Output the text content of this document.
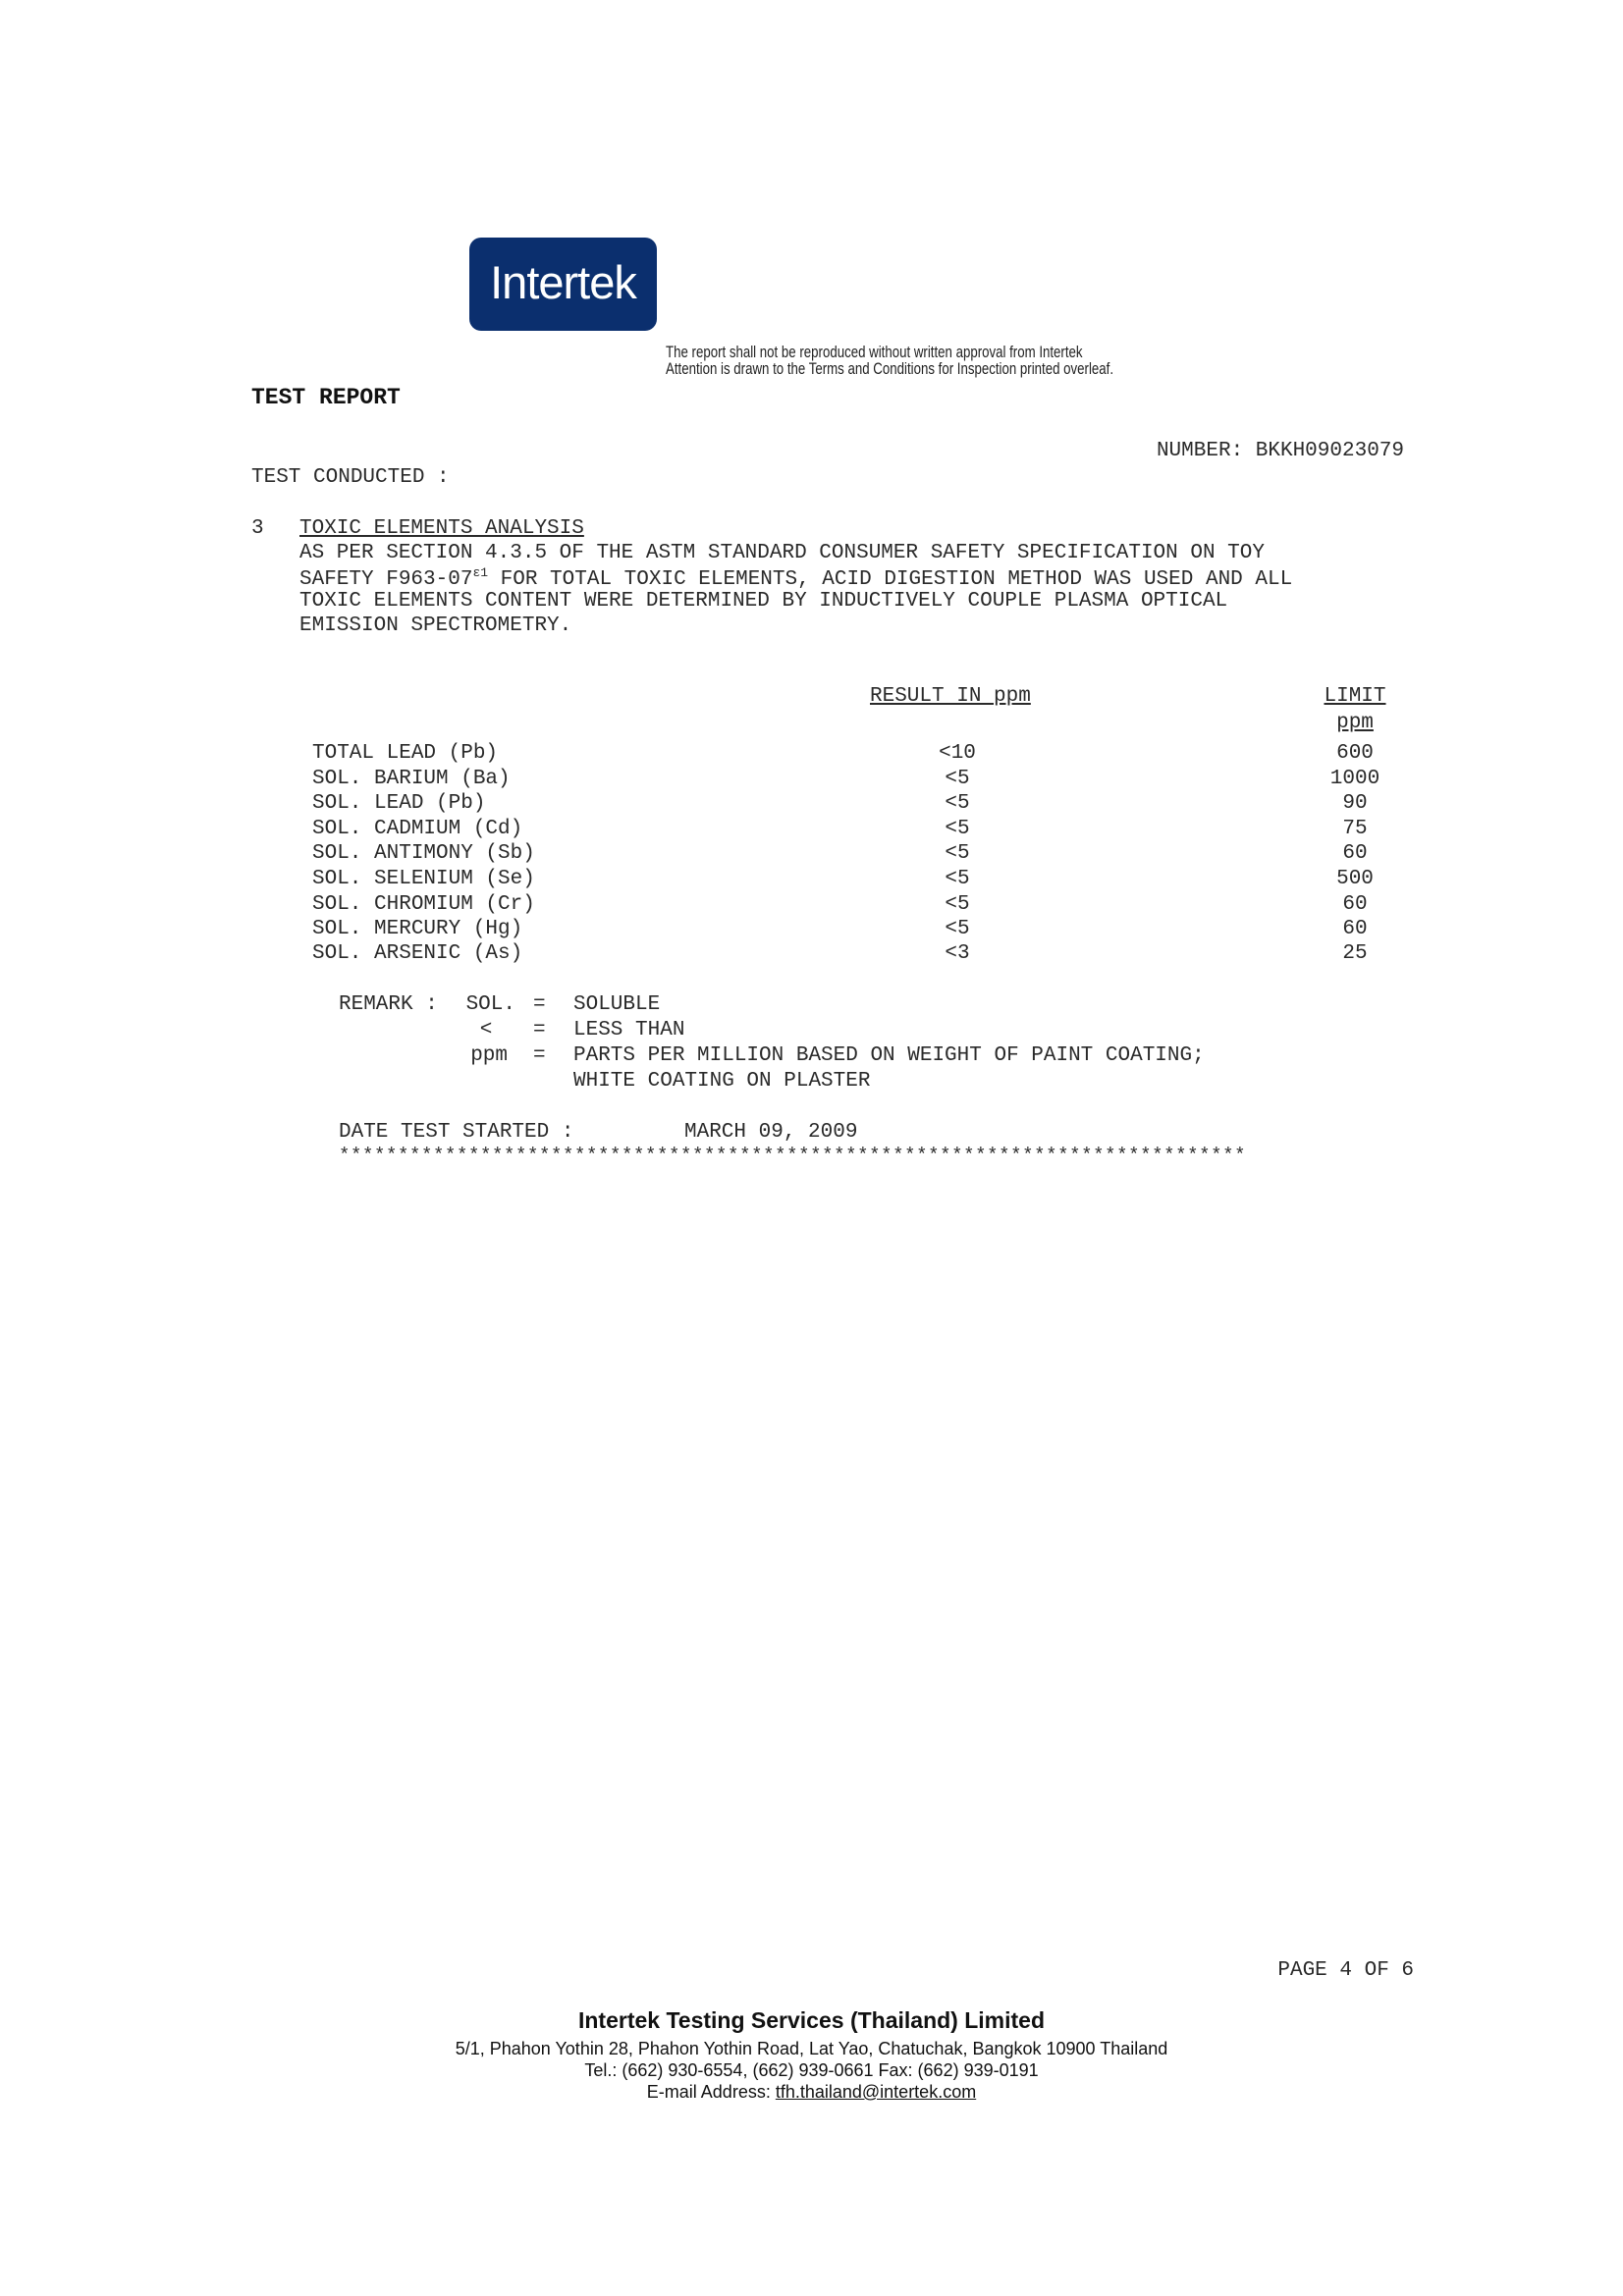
Intertek
The report shall not be reproduced without written approval from Intertek
Attention is drawn to the Terms and Conditions for Inspection printed overleaf.
TEST REPORT
NUMBER: BKKH09023079
TEST CONDUCTED :
3 TOXIC ELEMENTS ANALYSIS
AS PER SECTION 4.3.5 OF THE ASTM STANDARD CONSUMER SAFETY SPECIFICATION ON TOY
SAFETY $F963-07^{\varepsilon 1}$ FOR TOTAL TOXIC ELEMENTS, ACID DIGESTION METHOD WAS USED AND ALL
TOXIC ELEMENTS CONTENT WERE DETERMINED BY INDUCTIVELY COUPLE PLASMA OPTICAL
EMISSION SPECTROMETRY.
RESULT IN ppm	LIMIT
ppm
TOTAL LEAD (Pb)	<10	600
SOL. BARIUM (Ba)	<5	1000
SOL. LEAD (Pb)	<5	90
SOL. CADMIUM (Cd)	<5	75
SOL. ANTIMONY (Sb)	<5	60
SOL. SELENIUM (Se)	<5	500
SOL. CHROMIUM (Cr)	<5	60
SOL. MERCURY (Hg)	<5	60
SOL. ARSENIC (As)	<3	25
REMARK :	SOL. = SOLUBLE
<	= LESS THAN
ppm = PARTS PER MILLION BASED ON WEIGHT OF PAINT COATING;
WHITE COATING ON PLASTER
DATE TEST STARTED :	MARCH 09, 2009
*****************************************************************************
PAGE 4 OF 6
Intertek Testing Services (Thailand) Limited
5/1, Phahon Yothin 28, Phahon Yothin Road, Lat Yao, Chatuchak, Bangkok 10900 Thailand
Tel.: (662) 930-6554, (662) 939-0661 Fax: (662) 939-0191
E-mail Address: tfh.thailand@intertek.com
